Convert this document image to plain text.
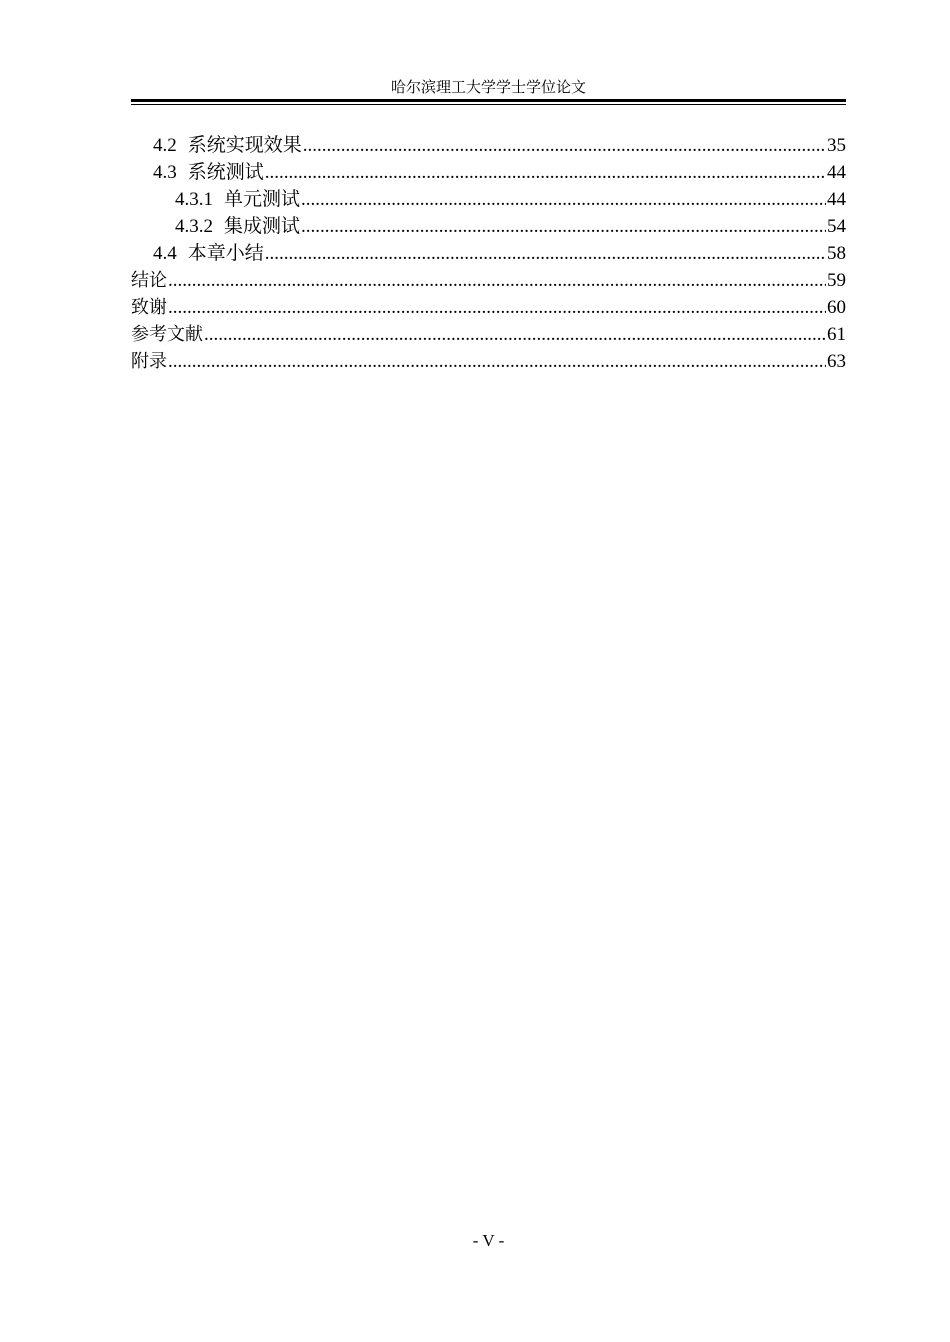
哈尔滨理工大学学士学位论文
4.2 系统实现效果 .....	35
4.3 系统测试 .....	44
4.3.1 单元测试 .....	44
4.3.2 集成测试 .....	54
4.4 本章小结 .....	58
结论 .....	59
致谢 .....	60
参考文献 .....	61
附录 .....	63
- V -
